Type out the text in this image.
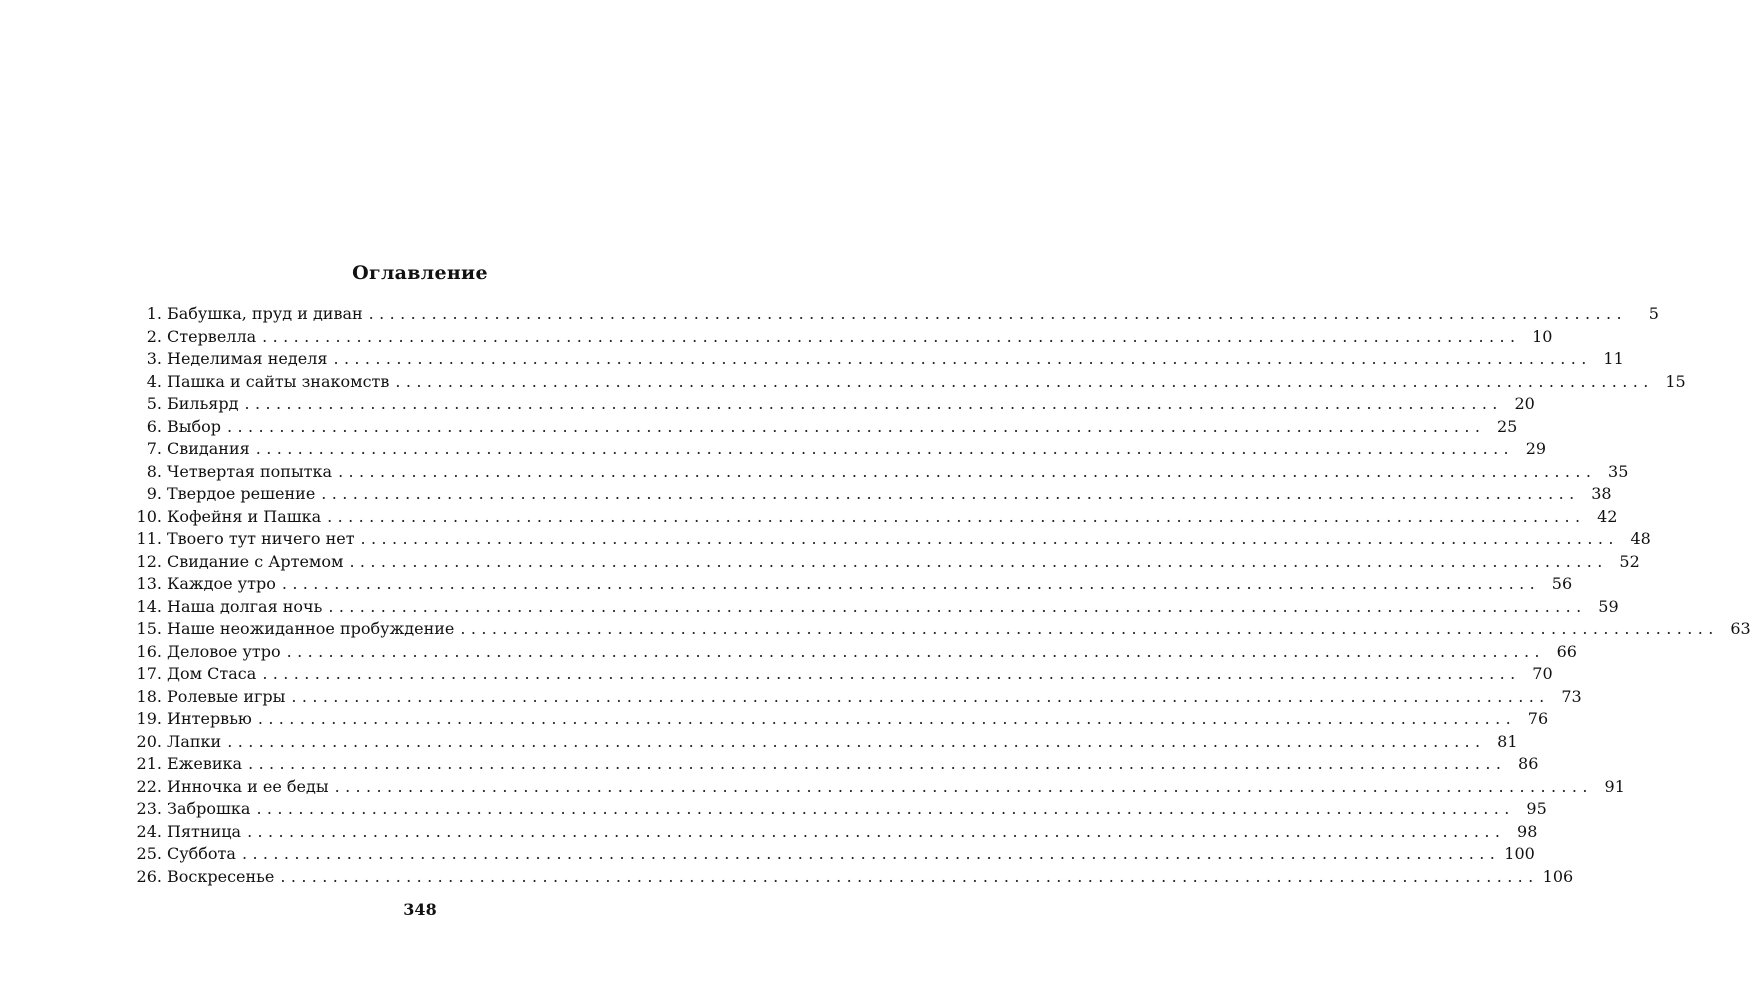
Оглавление
1. Бабушка, пруд и диван ........................................................................................................................	5
2. Стервелла ........................................................................................................................ 10
3. Неделимая неделя ........................................................................................................................ 11
4. Пашка и сайты знакомств ........................................................................................................................ 15
5. Бильярд ........................................................................................................................ 20
6. Выбор ........................................................................................................................ 25
7. Свидания ........................................................................................................................ 29
8. Четвертая попытка ........................................................................................................................ 35
9. Твердое решение ........................................................................................................................ 38
10. Кофейня и Пашка ........................................................................................................................ 42
11. Твоего тут ничего нет ........................................................................................................................ 48
12. Свидание с Артемом ........................................................................................................................ 52
13. Каждое утро ........................................................................................................................ 56
14. Наша долгая ночь ........................................................................................................................ 59
15. Наше неожиданное пробуждение ........................................................................................................................ 63
16. Деловое утро ........................................................................................................................ 66
17. Дом Стаса ........................................................................................................................ 70
18. Ролевые игры ........................................................................................................................ 73
19. Интервью ........................................................................................................................ 76
20. Лапки ........................................................................................................................ 81
21. Ежевика ........................................................................................................................ 86
22. Инночка и ее беды ........................................................................................................................ 91
23. Заброшка ........................................................................................................................ 95
24. Пятница ........................................................................................................................ 98
25. Суббота ........................................................................................................................ 100
26. Воскресенье ........................................................................................................................ 106
348
